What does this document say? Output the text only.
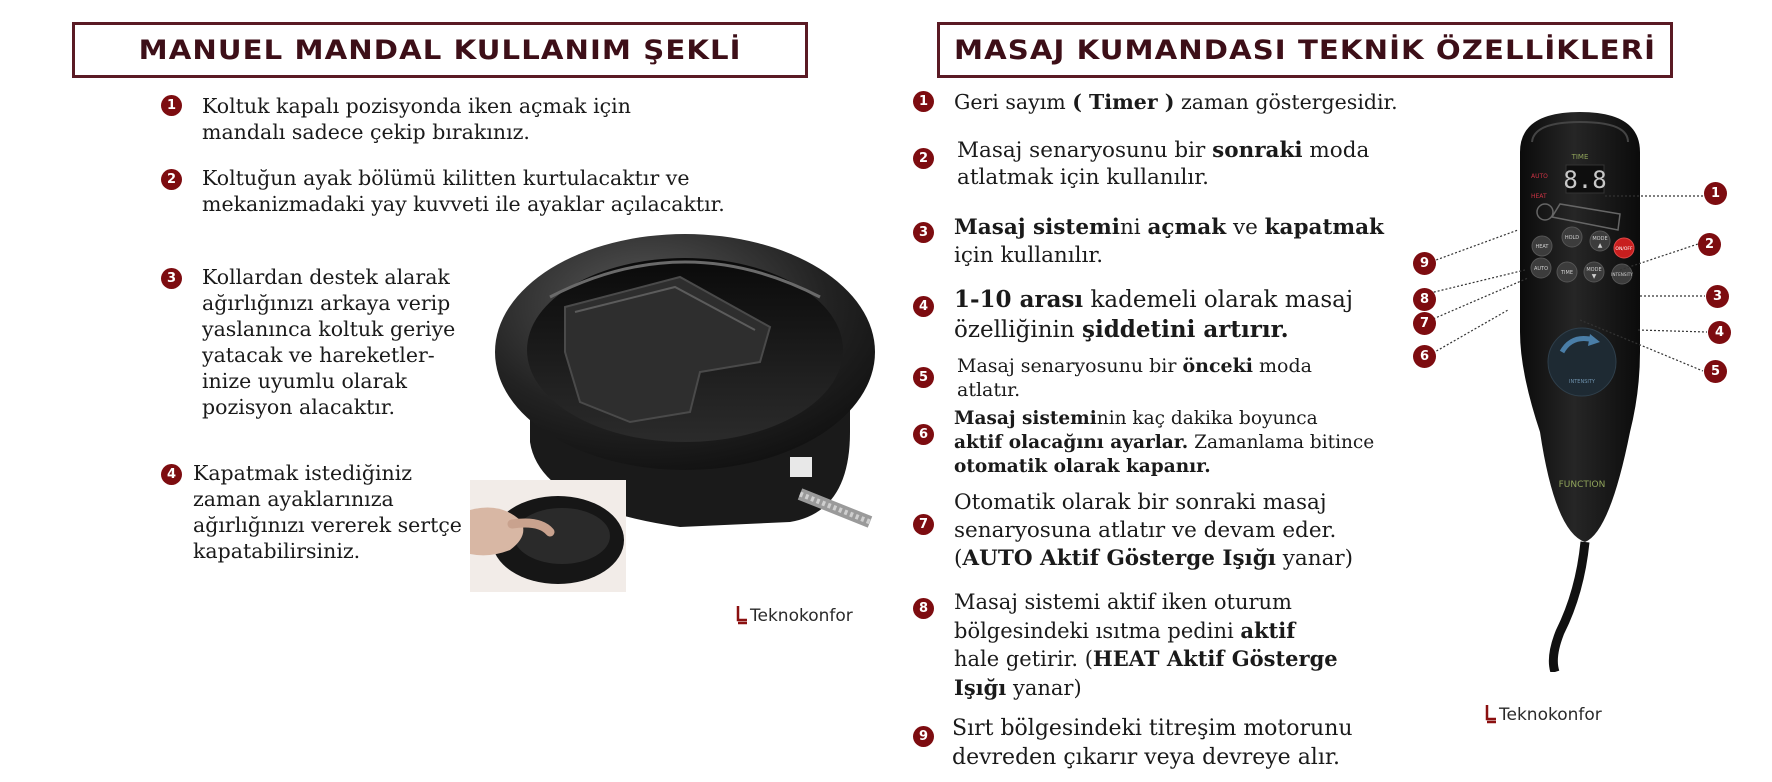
MANUEL MANDAL KULLANIM ŞEKLİ
1 Koltuk kapalı pozisyonda iken açmak için
mandalı sadece çekip bırakınız.
2 Koltuğun ayak bölümü kilitten kurtulacaktır ve
mekanizmadaki yay kuvveti ile ayaklar açılacaktır.
3 Kollardan destek alarak
ağırlığınızı arkaya verip
yaslanınca koltuk geriye
yatacak ve hareketler-
inize uyumlu olarak
pozisyon alacaktır.
4 Kapatmak istediğiniz
zaman ayaklarınıza
ağırlığınızı vererek sertçe
kapatabilirsiniz.
Teknokonfor
MASAJ KUMANDASI TEKNİK ÖZELLİKLERİ
1 Geri sayım ( Timer ) zaman göstergesidir.
2 Masaj senaryosunu bir sonraki moda
atlatmak için kullanılır.
3 Masaj sistemini açmak ve kapatmak
için kullanılır.
4 1-10 arası kademeli olarak masaj
özelliğinin şiddetini artırır.
5
Masaj senaryosunu bir önceki moda
atlatır.
6
Masaj sisteminin kaç dakika boyunca
aktif olacağını ayarlar. Zamanlama bitince
otomatik olarak kapanır.
7
Otomatik olarak bir sonraki masaj
senaryosuna atlatır ve devam eder.
(AUTO Aktif Gösterge Işığı yanar)
8 Masaj sistemi aktif iken oturum
bölgesindeki ısıtma pedini aktif
hale getirir. (HEAT Aktif Gösterge
Işığı yanar)
9 Sırt bölgesindeki titreşim motorunu
devreden çıkarır veya devreye alır.
TIME
8.8
AUTO
HEAT
HEAT
HOLD	MODE
▲
ON/OFF
AUTO
TIME	MODE
▼	INTENSITY
INTENSITY
FUNCTION
1
2
3
4
5
6
7
8
9
Teknokonfor
